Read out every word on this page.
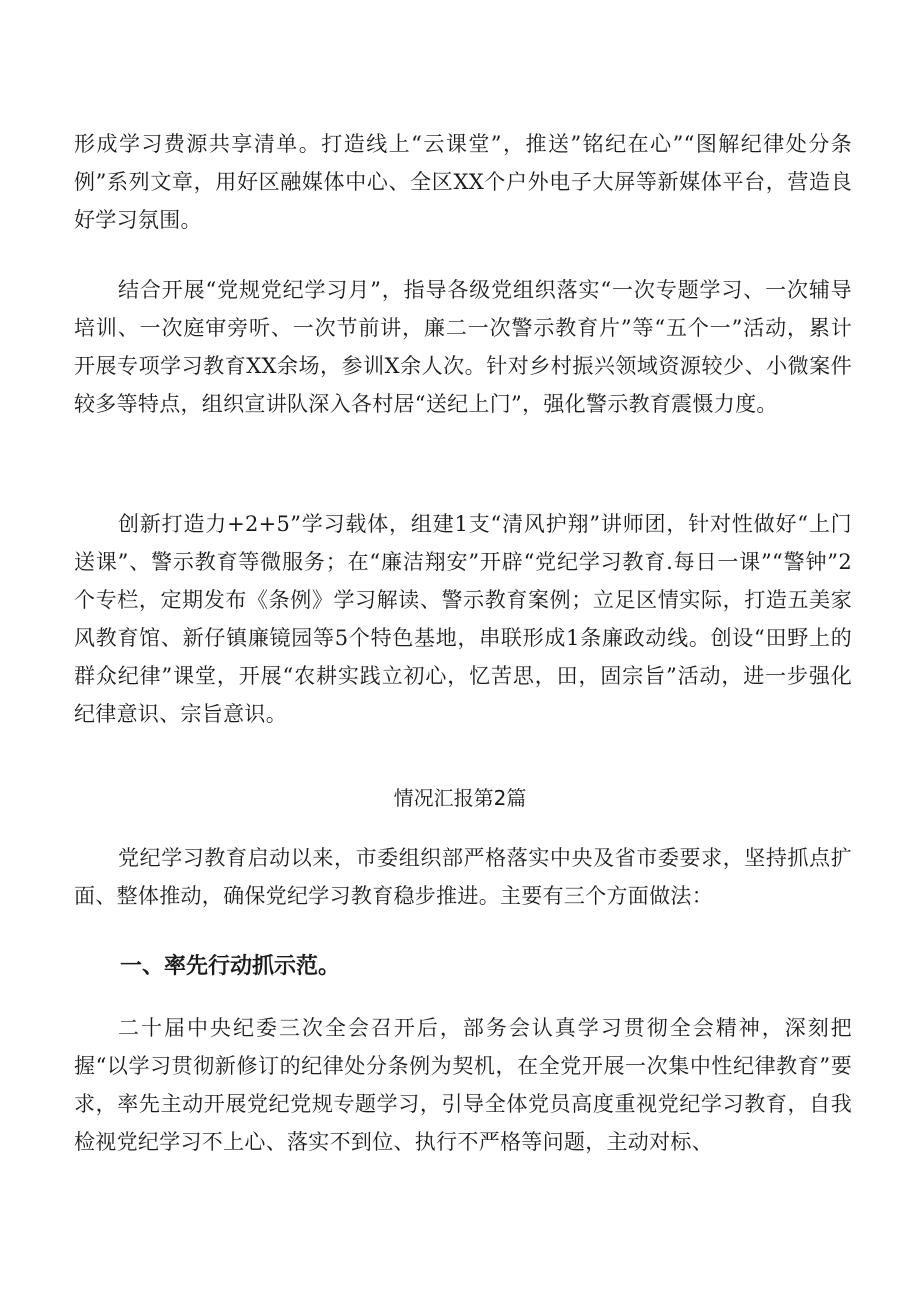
形成学习费源共享清单。打造线上“云课堂”，推送”铭纪在心”“图解纪律处分条例”系列文章，用好区融媒体中心、全区XX个户外电子大屏等新媒体平台，营造良好学习氛围。

结合开展“党规党纪学习月”，指导各级党组织落实“一次专题学习、一次辅导培训、一次庭审旁听、一次节前讲，廉二一次警示教育片”等“五个一”活动，累计开展专项学习教育XX余场，参训X余人次。针对乡村振兴领域资源较少、小微案件较多等特点，组织宣讲队深入各村居“送纪上门”，强化警示教育震慑力度。

创新打造力+2+5”学习载体，组建1支“清风护翔”讲师团，针对性做好“上门送课”、警示教育等微服务；在“廉洁翔安”开辟“党纪学习教育.每日一课”“警钟”2个专栏，定期发布《条例》学习解读、警示教育案例；立足区情实际，打造五美家风教育馆、新仔镇廉镜园等5个特色基地，串联形成1条廉政动线。创设“田野上的群众纪律”课堂，开展“农耕实践立初心，忆苦思，田，固宗旨”活动，进一步强化纪律意识、宗旨意识。

情况汇报第2篇

党纪学习教育启动以来，市委组织部严格落实中央及省市委要求，坚持抓点扩面、整体推动，确保党纪学习教育稳步推进。主要有三个方面做法：

一、率先行动抓示范。

二十届中央纪委三次全会召开后，部务会认真学习贯彻全会精神，深刻把握“以学习贯彻新修订的纪律处分条例为契机，在全党开展一次集中性纪律教育”要求，率先主动开展党纪党规专题学习，引导全体党员高度重视党纪学习教育，自我检视党纪学习不上心、落实不到位、执行不严格等问题，主动对标、
